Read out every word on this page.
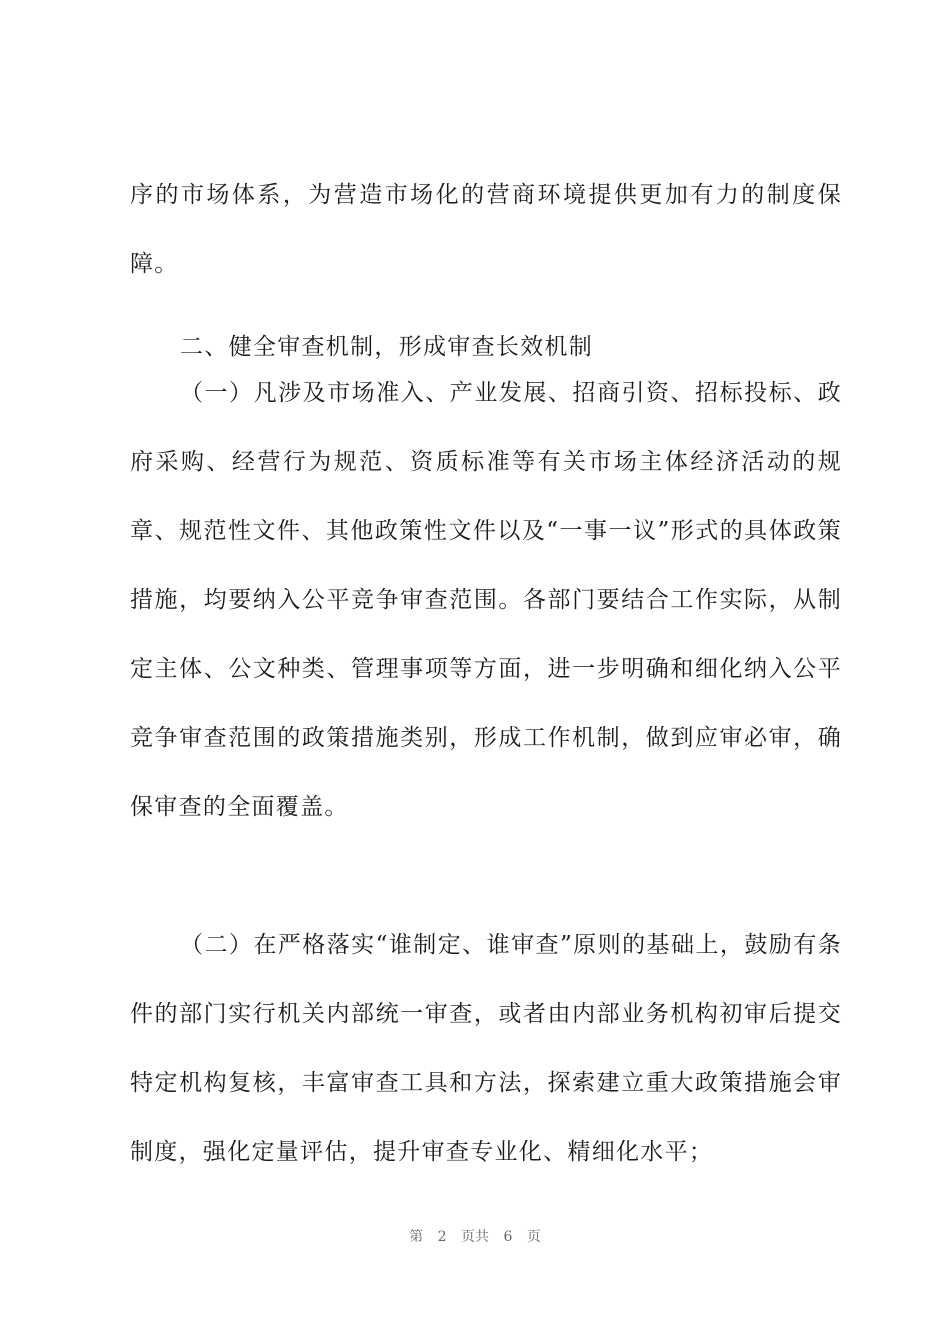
序的市场体系，为营造市场化的营商环境提供更加有力的制度保障。

二、健全审查机制，形成审查长效机制

（一）凡涉及市场准入、产业发展、招商引资、招标投标、政府采购、经营行为规范、资质标准等有关市场主体经济活动的规章、规范性文件、其他政策性文件以及“一事一议”形式的具体政策措施，均要纳入公平竞争审查范围。各部门要结合工作实际，从制定主体、公文种类、管理事项等方面，进一步明确和细化纳入公平竞争审查范围的政策措施类别，形成工作机制，做到应审必审，确保审查的全面覆盖。

（二）在严格落实“谁制定、谁审查”原则的基础上，鼓励有条件的部门实行机关内部统一审查，或者由内部业务机构初审后提交特定机构复核，丰富审查工具和方法，探索建立重大政策措施会审制度，强化定量评估，提升审查专业化、精细化水平；

第 2 页共 6 页
